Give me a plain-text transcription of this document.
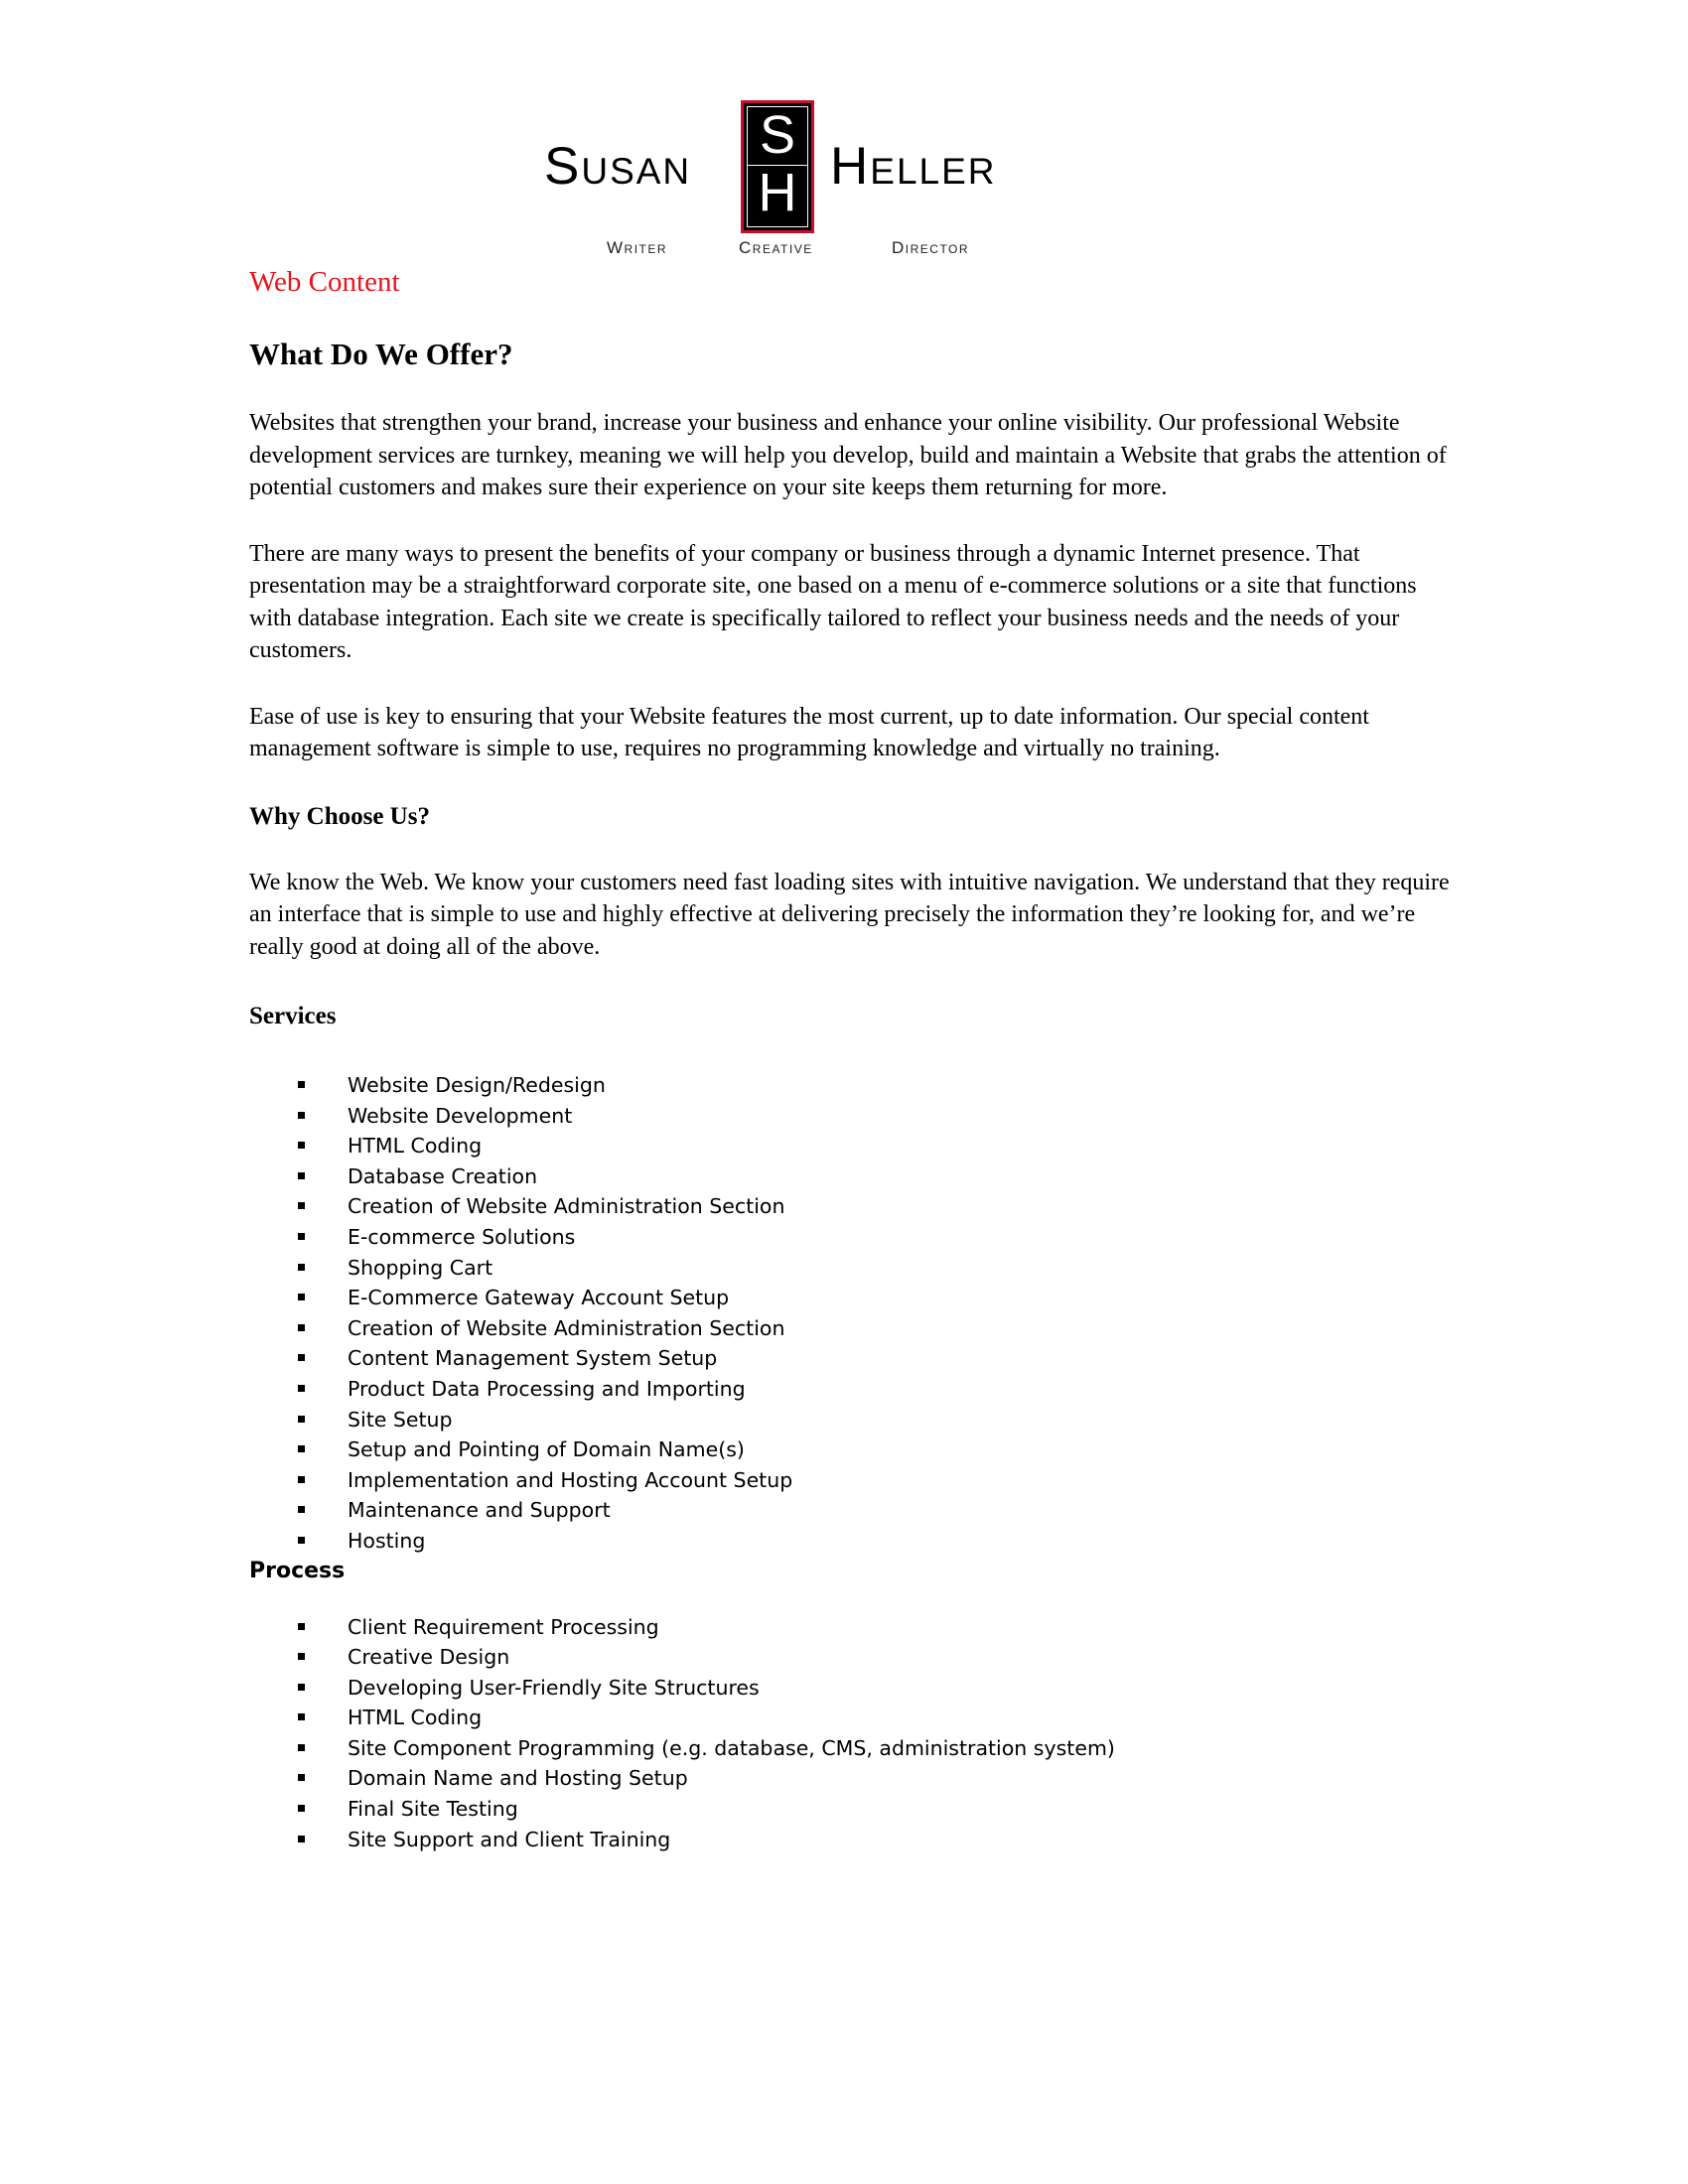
Susan
S
H Heller
Writer	Creative	Director
Web Content
What Do We Offer?

Websites that strengthen your brand, increase your business and enhance your online visibility. Our professional Website development services are turnkey, meaning we will help you develop, build and maintain a Website that grabs the attention of potential customers and makes sure their experience on your site keeps them returning for more.

There are many ways to present the benefits of your company or business through a dynamic Internet presence. That presentation may be a straightforward corporate site, one based on a menu of e-commerce solutions or a site that functions with database integration. Each site we create is specifically tailored to reflect your business needs and the needs of your customers.

Ease of use is key to ensuring that your Website features the most current, up to date information. Our special content management software is simple to use, requires no programming knowledge and virtually no training.

Why Choose Us?

We know the Web. We know your customers need fast loading sites with intuitive navigation. We understand that they require an interface that is simple to use and highly effective at delivering precisely the information they’re looking for, and we’re really good at doing all of the above.

Services
Website Design/Redesign
Website Development
HTML Coding
Database Creation
Creation of Website Administration Section
E-commerce Solutions
Shopping Cart
E-Commerce Gateway Account Setup
Creation of Website Administration Section
Content Management System Setup
Product Data Processing and Importing
Site Setup
Setup and Pointing of Domain Name(s)
Implementation and Hosting Account Setup
Maintenance and Support
Hosting
Process
Client Requirement Processing
Creative Design
Developing User-Friendly Site Structures
HTML Coding
Site Component Programming (e.g. database, CMS, administration system)
Domain Name and Hosting Setup
Final Site Testing
Site Support and Client Training
